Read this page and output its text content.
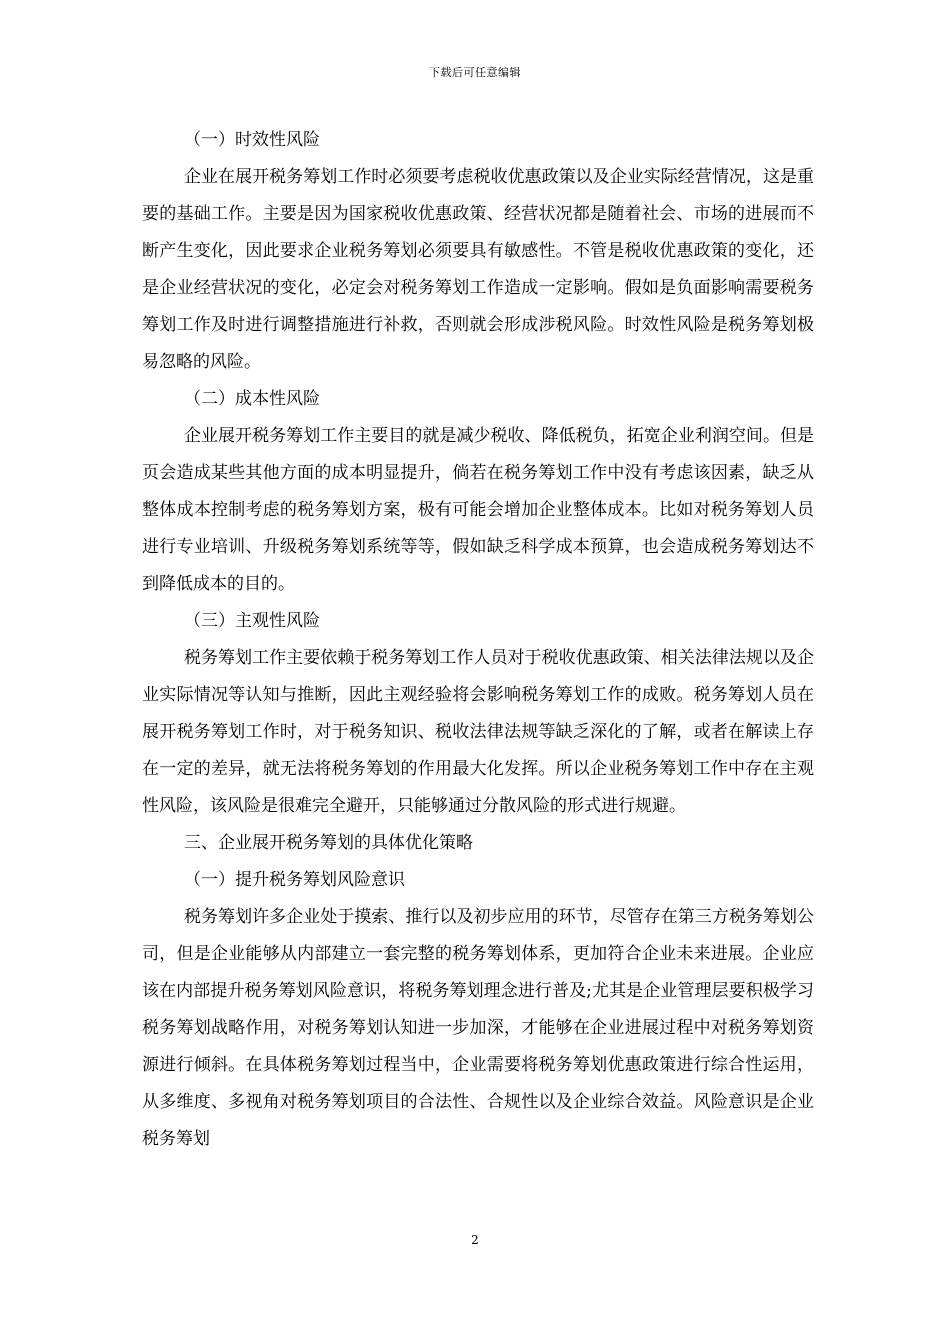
下载后可任意编辑

（一）时效性风险

企业在展开税务筹划工作时必须要考虑税收优惠政策以及企业实际经营情况，这是重要的基础工作。主要是因为国家税收优惠政策、经营状况都是随着社会、市场的进展而不断产生变化，因此要求企业税务筹划必须要具有敏感性。不管是税收优惠政策的变化，还是企业经营状况的变化，必定会对税务筹划工作造成一定影响。假如是负面影响需要税务筹划工作及时进行调整措施进行补救，否则就会形成涉税风险。时效性风险是税务筹划极易忽略的风险。

（二）成本性风险

企业展开税务筹划工作主要目的就是减少税收、降低税负，拓宽企业利润空间。但是页会造成某些其他方面的成本明显提升，倘若在税务筹划工作中没有考虑该因素，缺乏从整体成本控制考虑的税务筹划方案，极有可能会增加企业整体成本。比如对税务筹划人员进行专业培训、升级税务筹划系统等等，假如缺乏科学成本预算，也会造成税务筹划达不到降低成本的目的。

（三）主观性风险

税务筹划工作主要依赖于税务筹划工作人员对于税收优惠政策、相关法律法规以及企业实际情况等认知与推断，因此主观经验将会影响税务筹划工作的成败。税务筹划人员在展开税务筹划工作时，对于税务知识、税收法律法规等缺乏深化的了解，或者在解读上存在一定的差异，就无法将税务筹划的作用最大化发挥。所以企业税务筹划工作中存在主观性风险，该风险是很难完全避开，只能够通过分散风险的形式进行规避。

三、企业展开税务筹划的具体优化策略

（一）提升税务筹划风险意识

税务筹划许多企业处于摸索、推行以及初步应用的环节，尽管存在第三方税务筹划公司，但是企业能够从内部建立一套完整的税务筹划体系，更加符合企业未来进展。企业应该在内部提升税务筹划风险意识，将税务筹划理念进行普及;尤其是企业管理层要积极学习税务筹划战略作用，对税务筹划认知进一步加深，才能够在企业进展过程中对税务筹划资源进行倾斜。在具体税务筹划过程当中，企业需要将税务筹划优惠政策进行综合性运用，从多维度、多视角对税务筹划项目的合法性、合规性以及企业综合效益。风险意识是企业税务筹划

2
